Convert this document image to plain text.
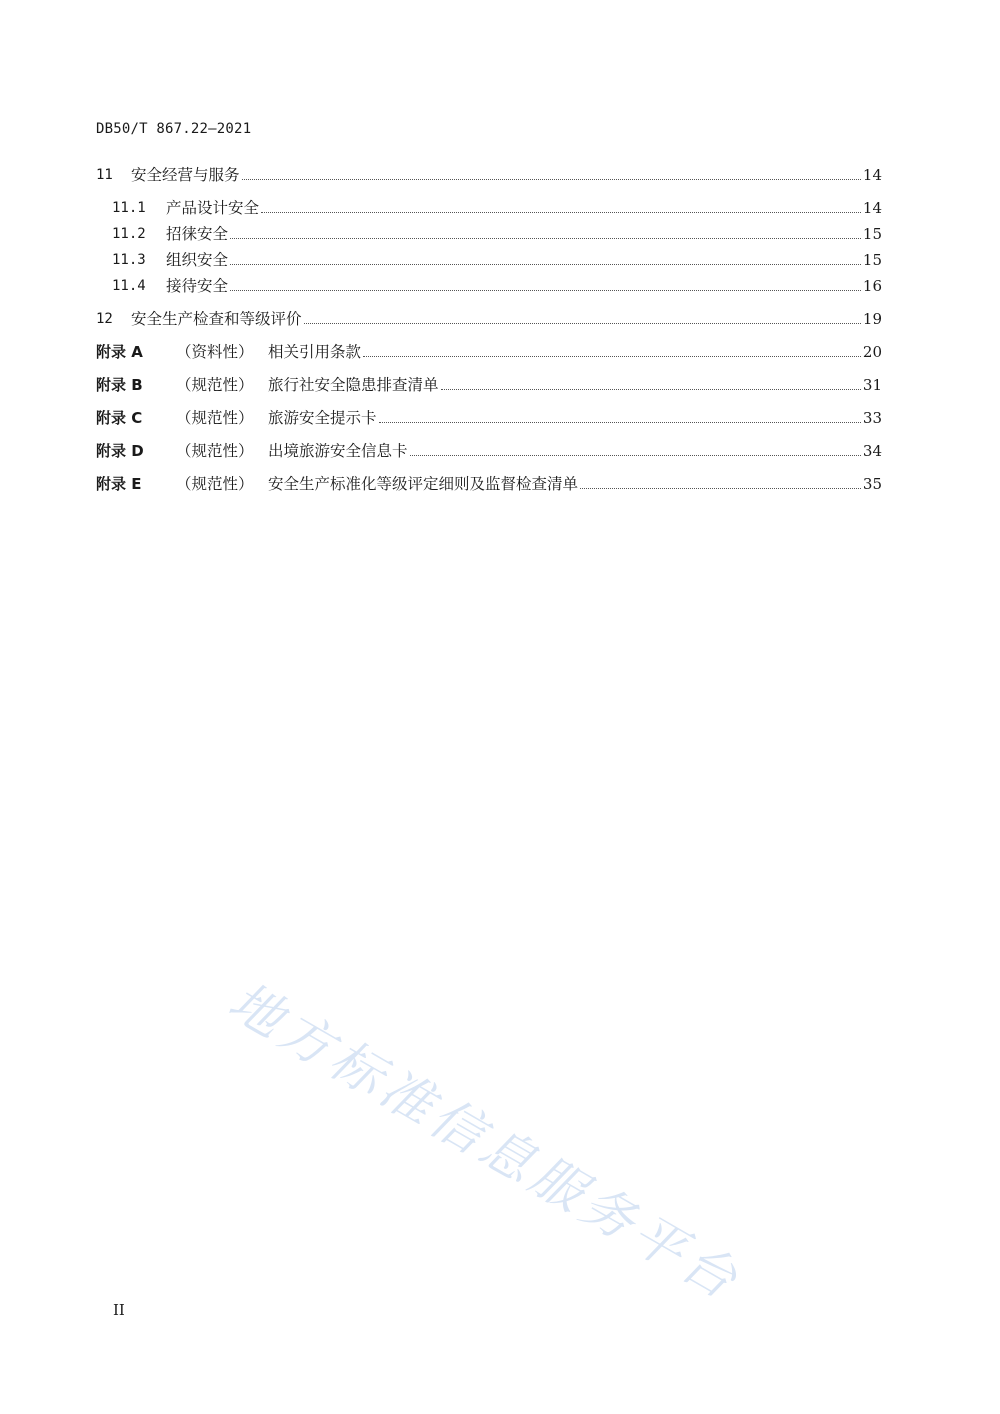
DB50/T 867.22—2021
11	安全经营与服务	14
11.1	产品设计安全	14
11.2	招徕安全	15
11.3	组织安全	15
11.4	接待安全	16
12	安全生产检查和等级评价	19
附录 A	（资料性） 相关引用条款	20
附录 B	（规范性） 旅行社安全隐患排查清单	31
附录 C	（规范性） 旅游安全提示卡	33
附录 D	（规范性） 出境旅游安全信息卡	34
附录 E	（规范性） 安全生产标准化等级评定细则及监督检查清单	35
地方标准信息服务平台
II
